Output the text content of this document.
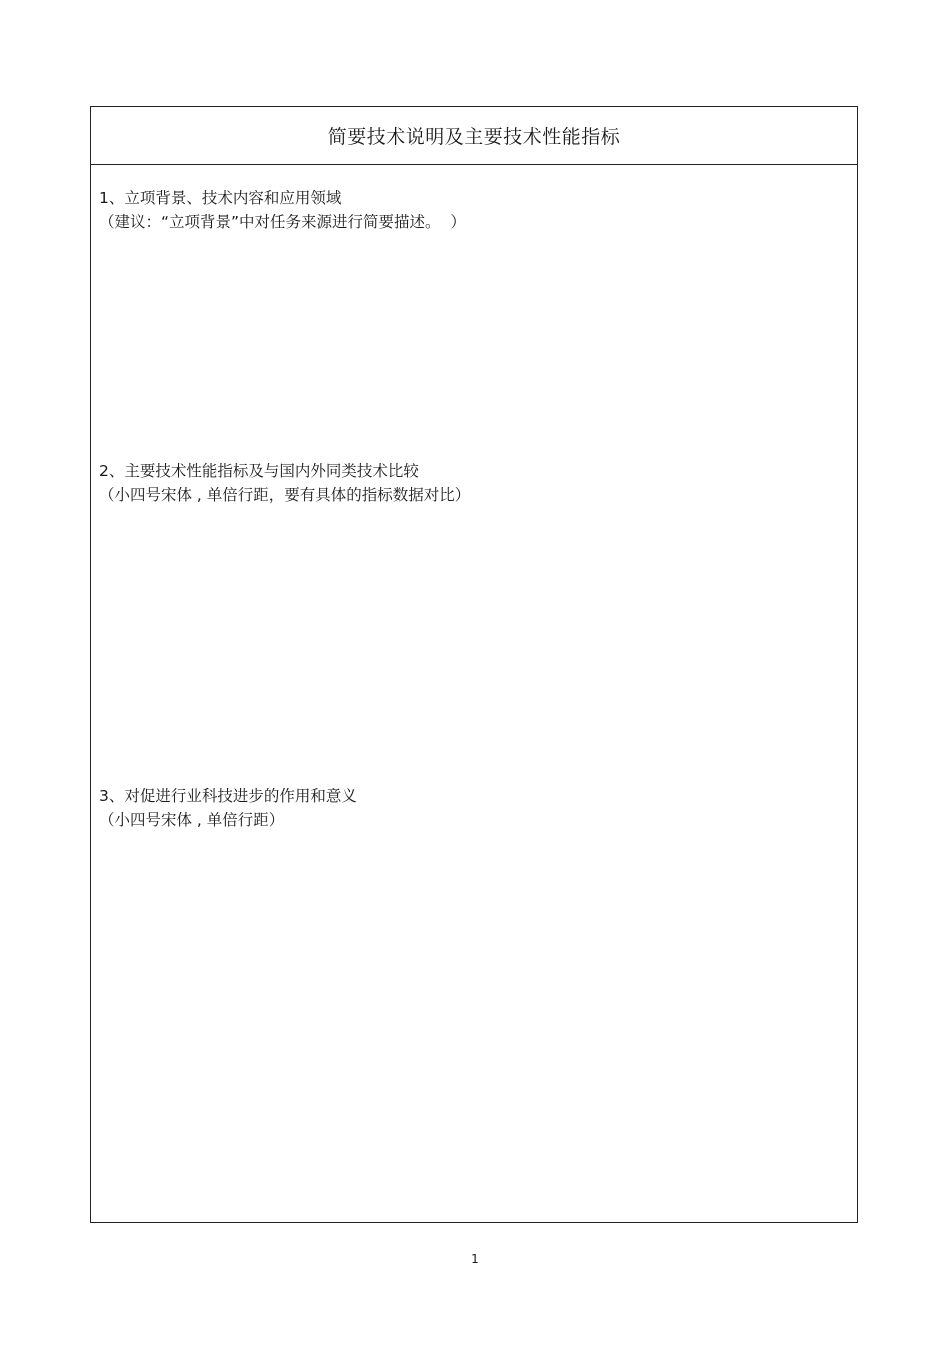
简要技术说明及主要技术性能指标
1、立项背景、技术内容和应用领域
（建议：“立项背景”中对任务来源进行简要描述。  ）
2、主要技术性能指标及与国内外同类技术比较
（小四号宋体 , 单倍行距，要有具体的指标数据对比）
3、对促进行业科技进步的作用和意义
（小四号宋体 , 单倍行距）
1
